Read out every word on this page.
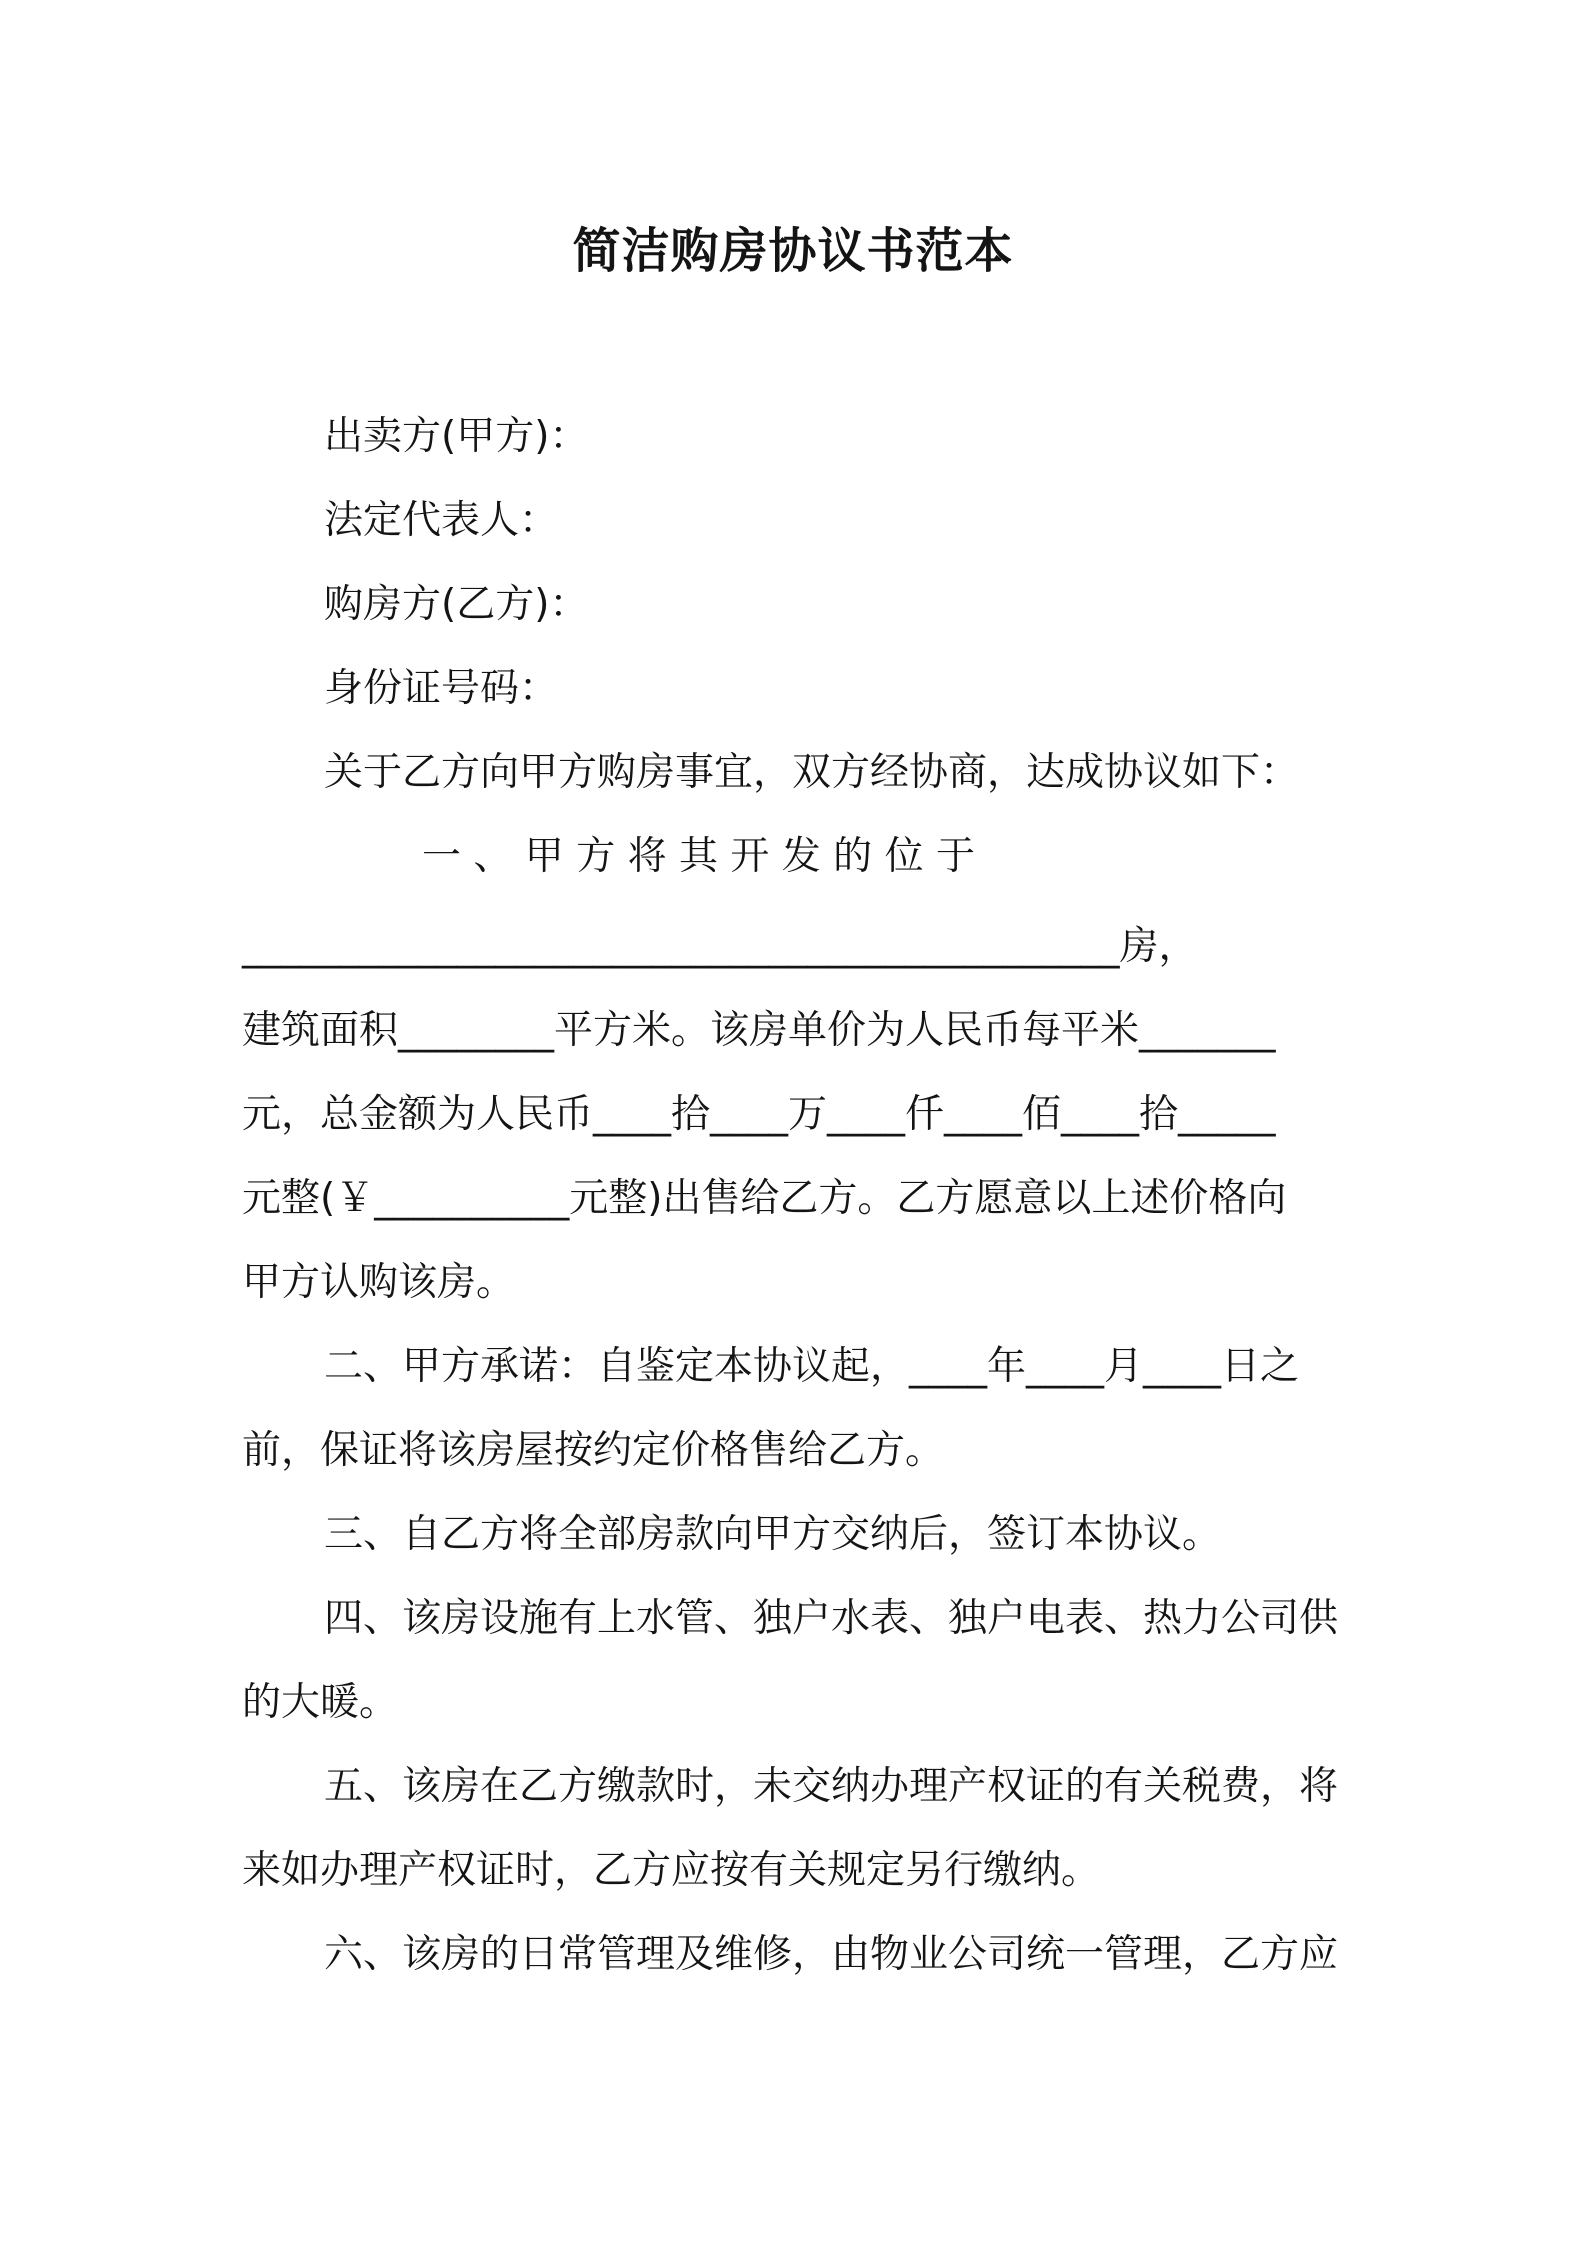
简洁购房协议书范本

出卖方(甲方)：

法定代表人：

购房方(乙方)：

身份证号码：

关于乙方向甲方购房事宜，双方经协商，达成协议如下：

一 、 甲 方 将 其 开 发 的 位 于

_____________________________________________房，

建筑面积________平方米。该房单价为人民币每平米_______

元，总金额为人民币____拾____万____仟____佰____拾_____

元整(￥__________元整)出售给乙方。乙方愿意以上述价格向

甲方认购该房。

二、甲方承诺：自鉴定本协议起，____年____月____日之

前，保证将该房屋按约定价格售给乙方。

三、自乙方将全部房款向甲方交纳后，签订本协议。

四、该房设施有上水管、独户水表、独户电表、热力公司供

的大暖。

五、该房在乙方缴款时，未交纳办理产权证的有关税费，将

来如办理产权证时，乙方应按有关规定另行缴纳。

六、该房的日常管理及维修，由物业公司统一管理，乙方应
